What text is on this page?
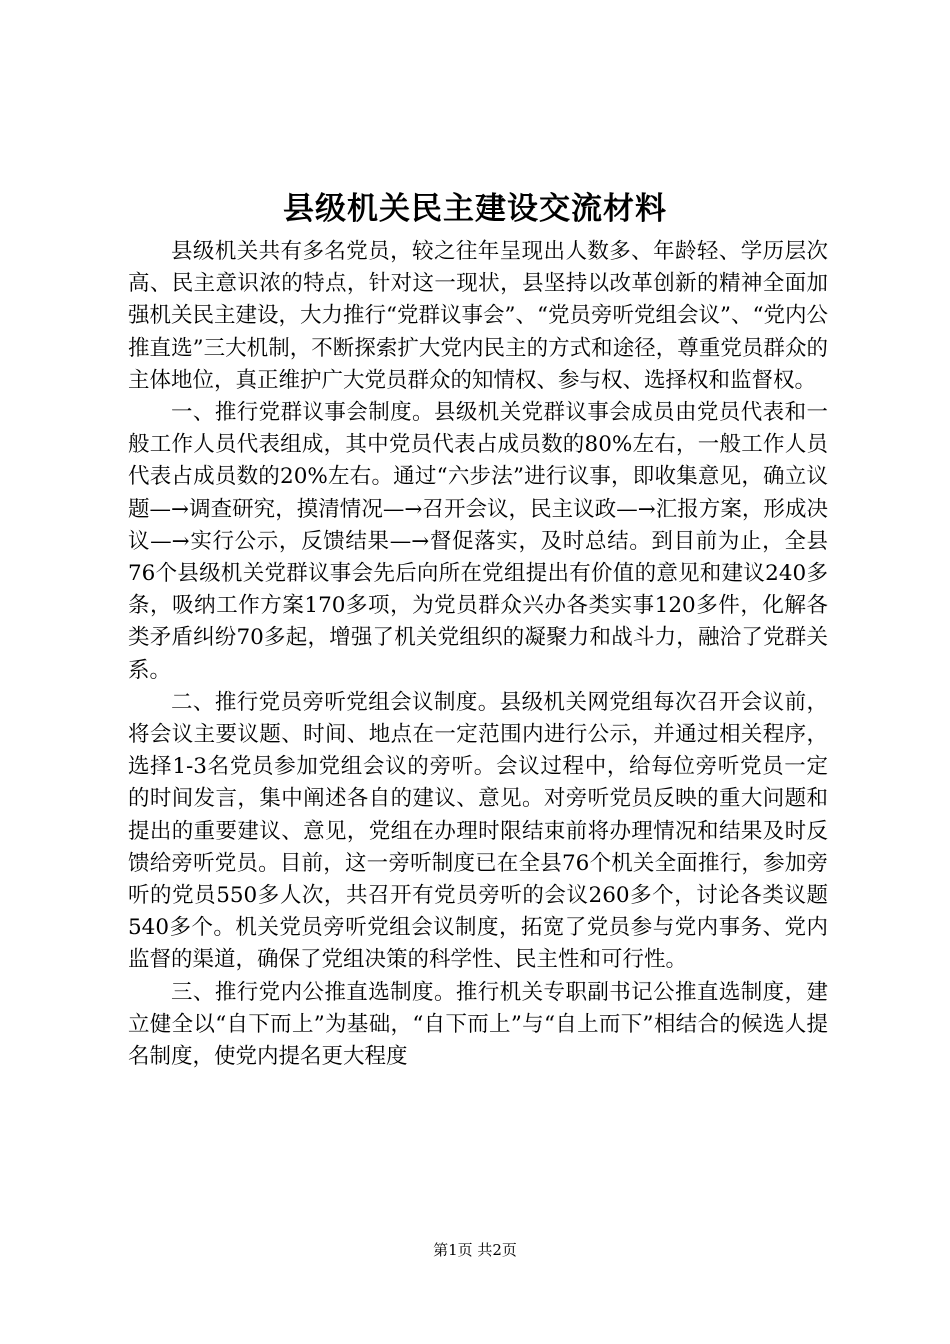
县级机关民主建设交流材料

县级机关共有多名党员，较之往年呈现出人数多、年龄轻、学历层次高、民主意识浓的特点，针对这一现状，县坚持以改革创新的精神全面加强机关民主建设，大力推行“党群议事会”、“党员旁听党组会议”、“党内公推直选”三大机制，不断探索扩大党内民主的方式和途径，尊重党员群众的主体地位，真正维护广大党员群众的知情权、参与权、选择权和监督权。

一、推行党群议事会制度。县级机关党群议事会成员由党员代表和一般工作人员代表组成，其中党员代表占成员数的80%左右，一般工作人员代表占成员数的20%左右。通过“六步法”进行议事，即收集意见，确立议题—→调查研究，摸清情况—→召开会议，民主议政—→汇报方案，形成决议—→实行公示，反馈结果—→督促落实，及时总结。到目前为止，全县76个县级机关党群议事会先后向所在党组提出有价值的意见和建议240多条，吸纳工作方案170多项，为党员群众兴办各类实事120多件，化解各类矛盾纠纷70多起，增强了机关党组织的凝聚力和战斗力，融洽了党群关系。

二、推行党员旁听党组会议制度。县级机关网党组每次召开会议前，将会议主要议题、时间、地点在一定范围内进行公示，并通过相关程序，选择1-3名党员参加党组会议的旁听。会议过程中，给每位旁听党员一定的时间发言，集中阐述各自的建议、意见。对旁听党员反映的重大问题和提出的重要建议、意见，党组在办理时限结束前将办理情况和结果及时反馈给旁听党员。目前，这一旁听制度已在全县76个机关全面推行，参加旁听的党员550多人次，共召开有党员旁听的会议260多个，讨论各类议题540多个。机关党员旁听党组会议制度，拓宽了党员参与党内事务、党内监督的渠道，确保了党组决策的科学性、民主性和可行性。

三、推行党内公推直选制度。推行机关专职副书记公推直选制度，建立健全以“自下而上”为基础，“自下而上”与“自上而下”相结合的候选人提名制度，使党内提名更大程度

第1页 共2页
